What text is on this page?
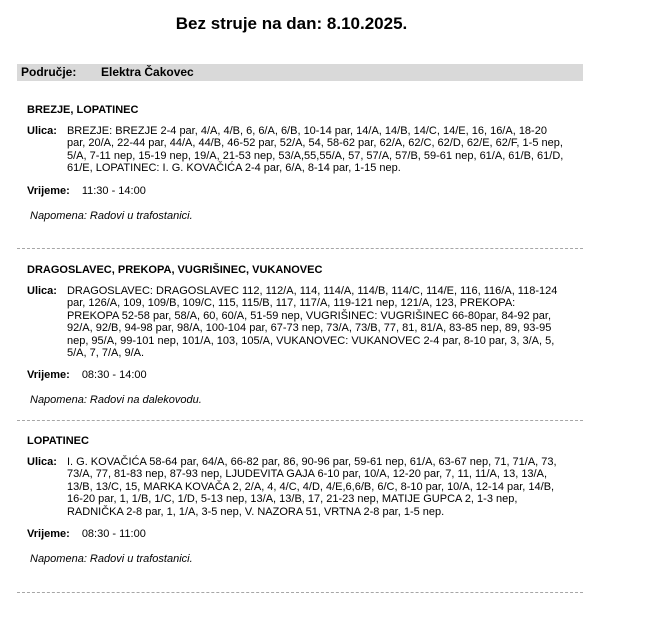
Bez struje na dan: 8.10.2025.
Područje: Elektra Čakovec
BREZJE, LOPATINEC
Ulica: BREZJE: BREZJE 2-4 par, 4/A, 4/B, 6, 6/A, 6/B, 10-14 par, 14/A, 14/B, 14/C, 14/E, 16, 16/A, 18-20 par, 20/A, 22-44 par, 44/A, 44/B, 46-52 par, 52/A, 54, 58-62 par, 62/A, 62/C, 62/D, 62/E, 62/F, 1-5 nep, 5/A, 7-11 nep, 15-19 nep, 19/A, 21-53 nep, 53/A,55,55/A, 57, 57/A, 57/B, 59-61 nep, 61/A, 61/B, 61/D, 61/E, LOPATINEC: I. G. KOVAČIĆA 2-4 par, 6/A, 8-14 par, 1-15 nep.
Vrijeme:	11:30 - 14:00
Napomena: Radovi u trafostanici.
DRAGOSLAVEC, PREKOPA, VUGRIŠINEC, VUKANOVEC
Ulica: DRAGOSLAVEC: DRAGOSLAVEC 112, 112/A, 114, 114/A, 114/B, 114/C, 114/E, 116, 116/A, 118-124 par, 126/A, 109, 109/B, 109/C, 115, 115/B, 117, 117/A, 119-121 nep, 121/A, 123, PREKOPA: PREKOPA 52-58 par, 58/A, 60, 60/A, 51-59 nep, VUGRIŠINEC: VUGRIŠINEC 66-80par, 84-92 par, 92/A, 92/B, 94-98 par, 98/A, 100-104 par, 67-73 nep, 73/A, 73/B, 77, 81, 81/A, 83-85 nep, 89, 93-95 nep, 95/A, 99-101 nep, 101/A, 103, 105/A, VUKANOVEC: VUKANOVEC 2-4 par, 8-10 par, 3, 3/A, 5, 5/A, 7, 7/A, 9/A.
Vrijeme:	08:30 - 14:00
Napomena: Radovi na dalekovodu.
LOPATINEC
Ulica: I. G. KOVAČIĆA 58-64 par, 64/A, 66-82 par, 86, 90-96 par, 59-61 nep, 61/A, 63-67 nep, 71, 71/A, 73, 73/A, 77, 81-83 nep, 87-93 nep, LJUDEVITA GAJA 6-10 par, 10/A, 12-20 par, 7, 11, 11/A, 13, 13/A, 13/B, 13/C, 15, MARKA KOVAČA 2, 2/A, 4, 4/C, 4/D, 4/E,6,6/B, 6/C, 8-10 par, 10/A, 12-14 par, 14/B, 16-20 par, 1, 1/B, 1/C, 1/D, 5-13 nep, 13/A, 13/B, 17, 21-23 nep, MATIJE GUPCA 2, 1-3 nep, RADNIČKA 2-8 par, 1, 1/A, 3-5 nep, V. NAZORA 51, VRTNA 2-8 par, 1-5 nep.
Vrijeme:	08:30 - 11:00
Napomena: Radovi u trafostanici.
